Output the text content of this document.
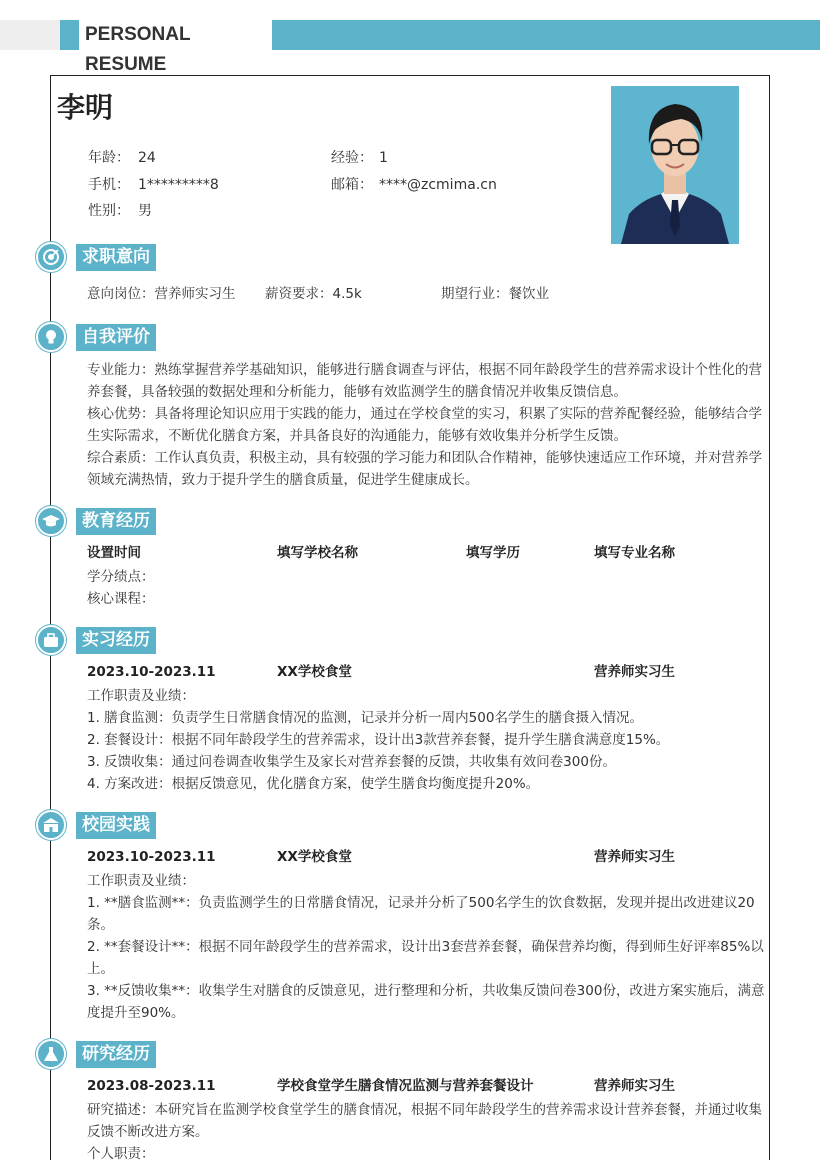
PERSONAL RESUME
李明
年龄： 24	经验： 1
手机： 1*********8	邮箱： ****@zcmima.cn
性别： 男
求职意向
意向岗位：营养师实习生 薪资要求：4.5k	期望行业：餐饮业
自我评价
专业能力：熟练掌握营养学基础知识，能够进行膳食调查与评估，根据不同年龄段学生的营养需求设计个性化的营养套餐，具备较强的数据处理和分析能力，能够有效监测学生的膳食情况并收集反馈信息。
核心优势：具备将理论知识应用于实践的能力，通过在学校食堂的实习，积累了实际的营养配餐经验，能够结合学生实际需求，不断优化膳食方案，并具备良好的沟通能力，能够有效收集并分析学生反馈。
综合素质：工作认真负责，积极主动，具有较强的学习能力和团队合作精神，能够快速适应工作环境，并对营养学领域充满热情，致力于提升学生的膳食质量，促进学生健康成长。
教育经历
设置时间	填写学校名称	填写学历	填写专业名称
学分绩点：
核心课程：
实习经历
2023.10-2023.11	XX学校食堂	营养师实习生
工作职责及业绩：
1. 膳食监测：负责学生日常膳食情况的监测，记录并分析一周内500名学生的膳食摄入情况。
2. 套餐设计：根据不同年龄段学生的营养需求，设计出3款营养套餐，提升学生膳食满意度15%。
3. 反馈收集：通过问卷调查收集学生及家长对营养套餐的反馈，共收集有效问卷300份。
4. 方案改进：根据反馈意见，优化膳食方案，使学生膳食均衡度提升20%。
校园实践
2023.10-2023.11	XX学校食堂	营养师实习生
工作职责及业绩：
1. **膳食监测**：负责监测学生的日常膳食情况，记录并分析了500名学生的饮食数据，发现并提出改进建议20条。
2. **套餐设计**：根据不同年龄段学生的营养需求，设计出3套营养套餐，确保营养均衡，得到师生好评率85%以上。
3. **反馈收集**：收集学生对膳食的反馈意见，进行整理和分析，共收集反馈问卷300份，改进方案实施后，满意度提升至90%。
研究经历
2023.08-2023.11	学校食堂学生膳食情况监测与营养套餐设计	营养师实习生
研究描述：本研究旨在监测学校食堂学生的膳食情况，根据不同年龄段学生的营养需求设计营养套餐，并通过收集反馈不断改进方案。
个人职责：
